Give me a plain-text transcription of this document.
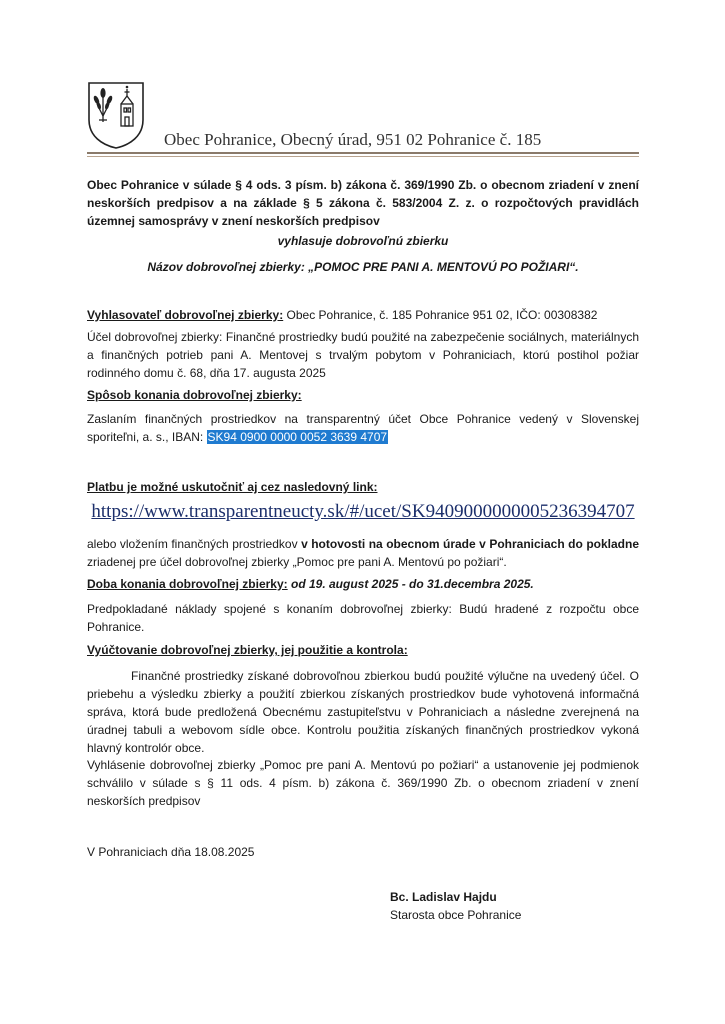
Obec Pohranice, Obecný úrad, 951 02 Pohranice č. 185

Obec Pohranice v súlade § 4 ods. 3 písm. b) zákona č. 369/1990 Zb. o obecnom zriadení v znení neskorších predpisov a na základe § 5 zákona č. 583/2004 Z. z. o rozpočtových pravidlách územnej samosprávy v znení neskorších predpisov

vyhlasuje dobrovoľnú zbierku

Názov dobrovoľnej zbierky: „POMOC PRE PANI A. MENTOVÚ PO POŽIARI“.

Vyhlasovateľ dobrovoľnej zbierky: Obec Pohranice, č. 185 Pohranice 951 02, IČO: 00308382

Účel dobrovoľnej zbierky: Finančné prostriedky budú použité na zabezpečenie sociálnych, materiálnych a finančných potrieb pani A. Mentovej s trvalým pobytom v Pohraniciach, ktorú postihol požiar rodinného domu č. 68, dňa 17. augusta 2025

Spôsob konania dobrovoľnej zbierky:

Zaslaním finančných prostriedkov na transparentný účet Obce Pohranice vedený v Slovenskej sporiteľni, a. s., IBAN: SK94 0900 0000 0052 3639 4707

Platbu je možné uskutočniť aj cez nasledovný link:

https://www.transparentneucty.sk/#/ucet/SK9409000000005236394707

alebo vložením finančných prostriedkov v hotovosti na obecnom úrade v Pohraniciach do pokladne zriadenej pre účel dobrovoľnej zbierky „Pomoc pre pani A. Mentovú po požiari“.

Doba konania dobrovoľnej zbierky: od 19. august 2025 - do 31.decembra 2025.

Predpokladané náklady spojené s konaním dobrovoľnej zbierky: Budú hradené z rozpočtu obce Pohranice.

Vyúčtovanie dobrovoľnej zbierky, jej použitie a kontrola:

Finančné prostriedky získané dobrovoľnou zbierkou budú použité výlučne na uvedený účel. O priebehu a výsledku zbierky a použití zbierkou získaných prostriedkov bude vyhotovená informačná správa, ktorá bude predložená Obecnému zastupiteľstvu v Pohraniciach a následne zverejnená na úradnej tabuli a webovom sídle obce. Kontrolu použitia získaných finančných prostriedkov vykoná hlavný kontrolór obce.

Vyhlásenie dobrovoľnej zbierky „Pomoc pre pani A. Mentovú po požiari“ a ustanovenie jej podmienok schválilo v súlade s § 11 ods. 4 písm. b) zákona č. 369/1990 Zb. o obecnom zriadení v znení neskorších predpisov

V Pohraniciach dňa 18.08.2025

Bc. Ladislav Hajdu
Starosta obce Pohranice
